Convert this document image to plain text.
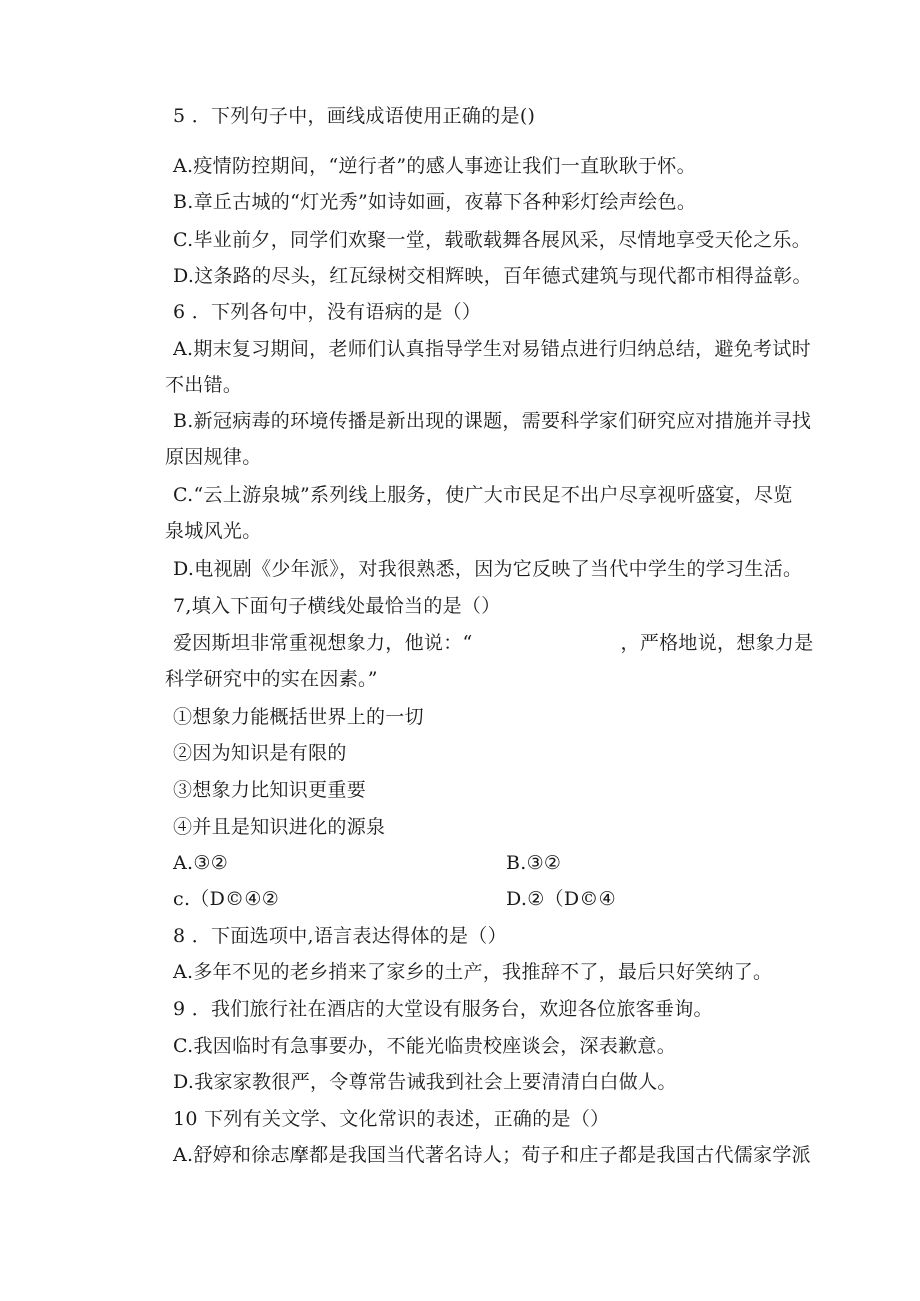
5 ．下列句子中，画线成语使用正确的是()
A.疫情防控期间，“逆行者”的感人事迹让我们一直耿耿于怀。
B.章丘古城的“灯光秀”如诗如画，夜幕下各种彩灯绘声绘色。
C.毕业前夕，同学们欢聚一堂，载歌载舞各展风采，尽情地享受天伦之乐。
D.这条路的尽头，红瓦绿树交相辉映，百年德式建筑与现代都市相得益彰。
6 ．下列各句中，没有语病的是（）
A.期末复习期间，老师们认真指导学生对易错点进行归纳总结，避免考试时
不出错。
B.新冠病毒的环境传播是新出现的课题，需要科学家们研究应对措施并寻找
原因规律。
C.“云上游泉城”系列线上服务，使广大市民足不出户尽享视听盛宴，尽览
泉城风光。
D.电视剧《少年派》，对我很熟悉，因为它反映了当代中学生的学习生活。
7,填入下面句子横线处最恰当的是（）
爱因斯坦非常重视想象力，他说：“	，严格地说，想象力是
科学研究中的实在因素。”
①想象力能概括世界上的一切
②因为知识是有限的
③想象力比知识更重要
④并且是知识进化的源泉
A.③②	B.③②
c.（D©④②	D.②（D©④
8 ．下面选项中,语言表达得体的是（）
A.多年不见的老乡捎来了家乡的土产，我推辞不了，最后只好笑纳了。
9 ．我们旅行社在酒店的大堂设有服务台，欢迎各位旅客垂询。
C.我因临时有急事要办，不能光临贵校座谈会，深表歉意。
D.我家家教很严，令尊常告诫我到社会上要清清白白做人。
10 下列有关文学、文化常识的表述，正确的是（）
A.舒婷和徐志摩都是我国当代著名诗人；荀子和庄子都是我国古代儒家学派
